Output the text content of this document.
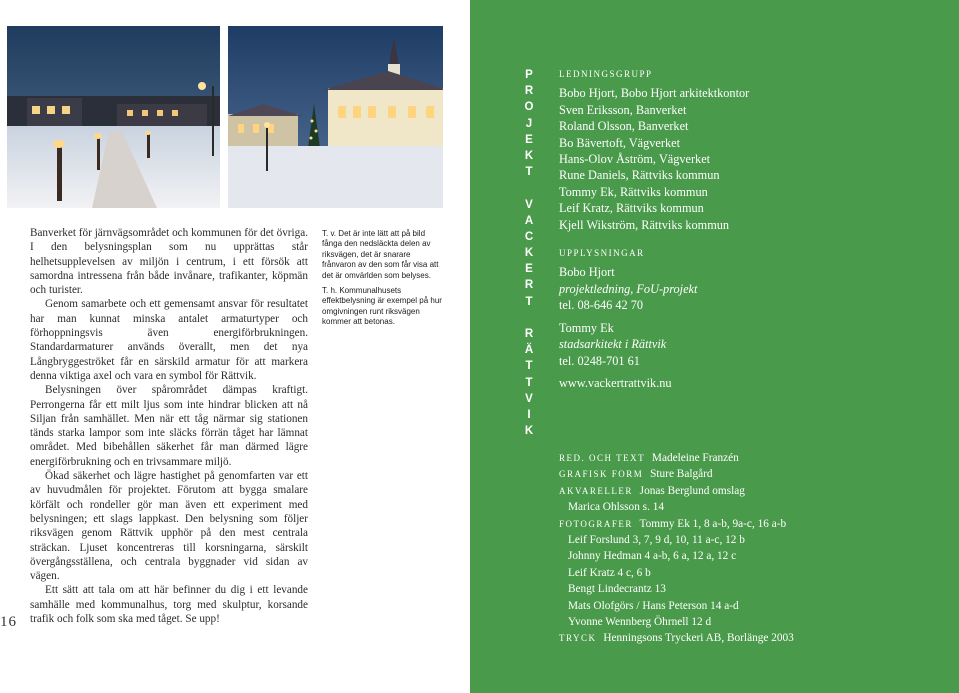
16

Banverket för järnvägsområdet och kommunen för det övriga. I den belysningsplan som nu upprättas står helhetsupplevelsen av miljön i centrum, i ett försök att samordna intressena från både invånare, trafikanter, köpmän och turister.

Genom samarbete och ett gemensamt ansvar för resultatet har man kunnat minska antalet armaturtyper och förhoppningsvis även energiförbrukningen. Standardarmaturer används överallt, men det nya Långbryggeströket får en särskild armatur för att markera denna viktiga axel och vara en symbol för Rättvik.

Belysningen över spårområdet dämpas kraftigt. Perrongerna får ett milt ljus som inte hindrar blicken att nå Siljan från samhället. Men när ett tåg närmar sig stationen tänds starka lampor som inte släcks förrän tåget har lämnat området. Med bibehållen säkerhet får man därmed lägre energiförbrukning och en trivsammare miljö.

Ökad säkerhet och lägre hastighet på genomfarten var ett av huvudmålen för projektet. Förutom att bygga smalare körfält och rondeller gör man även ett experiment med belysningen; ett slags lappkast. Den belysning som följer riksvägen genom Rättvik upphör på den mest centrala sträckan. Ljuset koncentreras till korsningarna, särskilt övergångsställena, och centrala byggnader vid sidan av vägen.

Ett sätt att tala om att här befinner du dig i ett levande samhälle med kommunalhus, torg med skulptur, korsande trafik och folk som ska med tåget. Se upp!

T. v. Det är inte lätt att på bild fånga den nedsläckta delen av riksvägen, det är snarare frånvaron av den som får visa att det är omvärlden som belyses.

T. h. Kommunalhusets effektbelysning är exempel på hur omgivningen runt riksvägen kommer att betonas.

P
R
O
J
E
K
T
V
A
C
K
E
R
T
R
Ä
T
T
V
I
K
LEDNINGSGRUPP
Bobo Hjort, Bobo Hjort arkitektkontor
Sven Eriksson, Banverket
Roland Olsson, Banverket
Bo Bävertoft, Vägverket
Hans-Olov Åström, Vägverket
Rune Daniels, Rättviks kommun
Tommy Ek, Rättviks kommun
Leif Kratz, Rättviks kommun
Kjell Wikström, Rättviks kommun
UPPLYSNINGAR
Bobo Hjort
projektledning, FoU-projekt
tel. 08-646 42 70
Tommy Ek
stadsarkitekt i Rättvik
tel. 0248-701 61
www.vackertrattvik.nu
RED. OCH TEXT Madeleine Franzén
GRAFISK FORM Sture Balgård
AKVARELLER Jonas Berglund omslag
Marica Ohlsson s. 14
FOTOGRAFER Tommy Ek 1, 8 a-b, 9a-c, 16 a-b
Leif Forslund 3, 7, 9 d, 10, 11 a-c, 12 b
Johnny Hedman 4 a-b, 6 a, 12 a, 12 c
Leif Kratz 4 c, 6 b
Bengt Lindecrantz 13
Mats Olofgörs / Hans Peterson 14 a-d
Yvonne Wennberg Öhrnell 12 d
TRYCK Henningsons Tryckeri AB, Borlänge 2003
